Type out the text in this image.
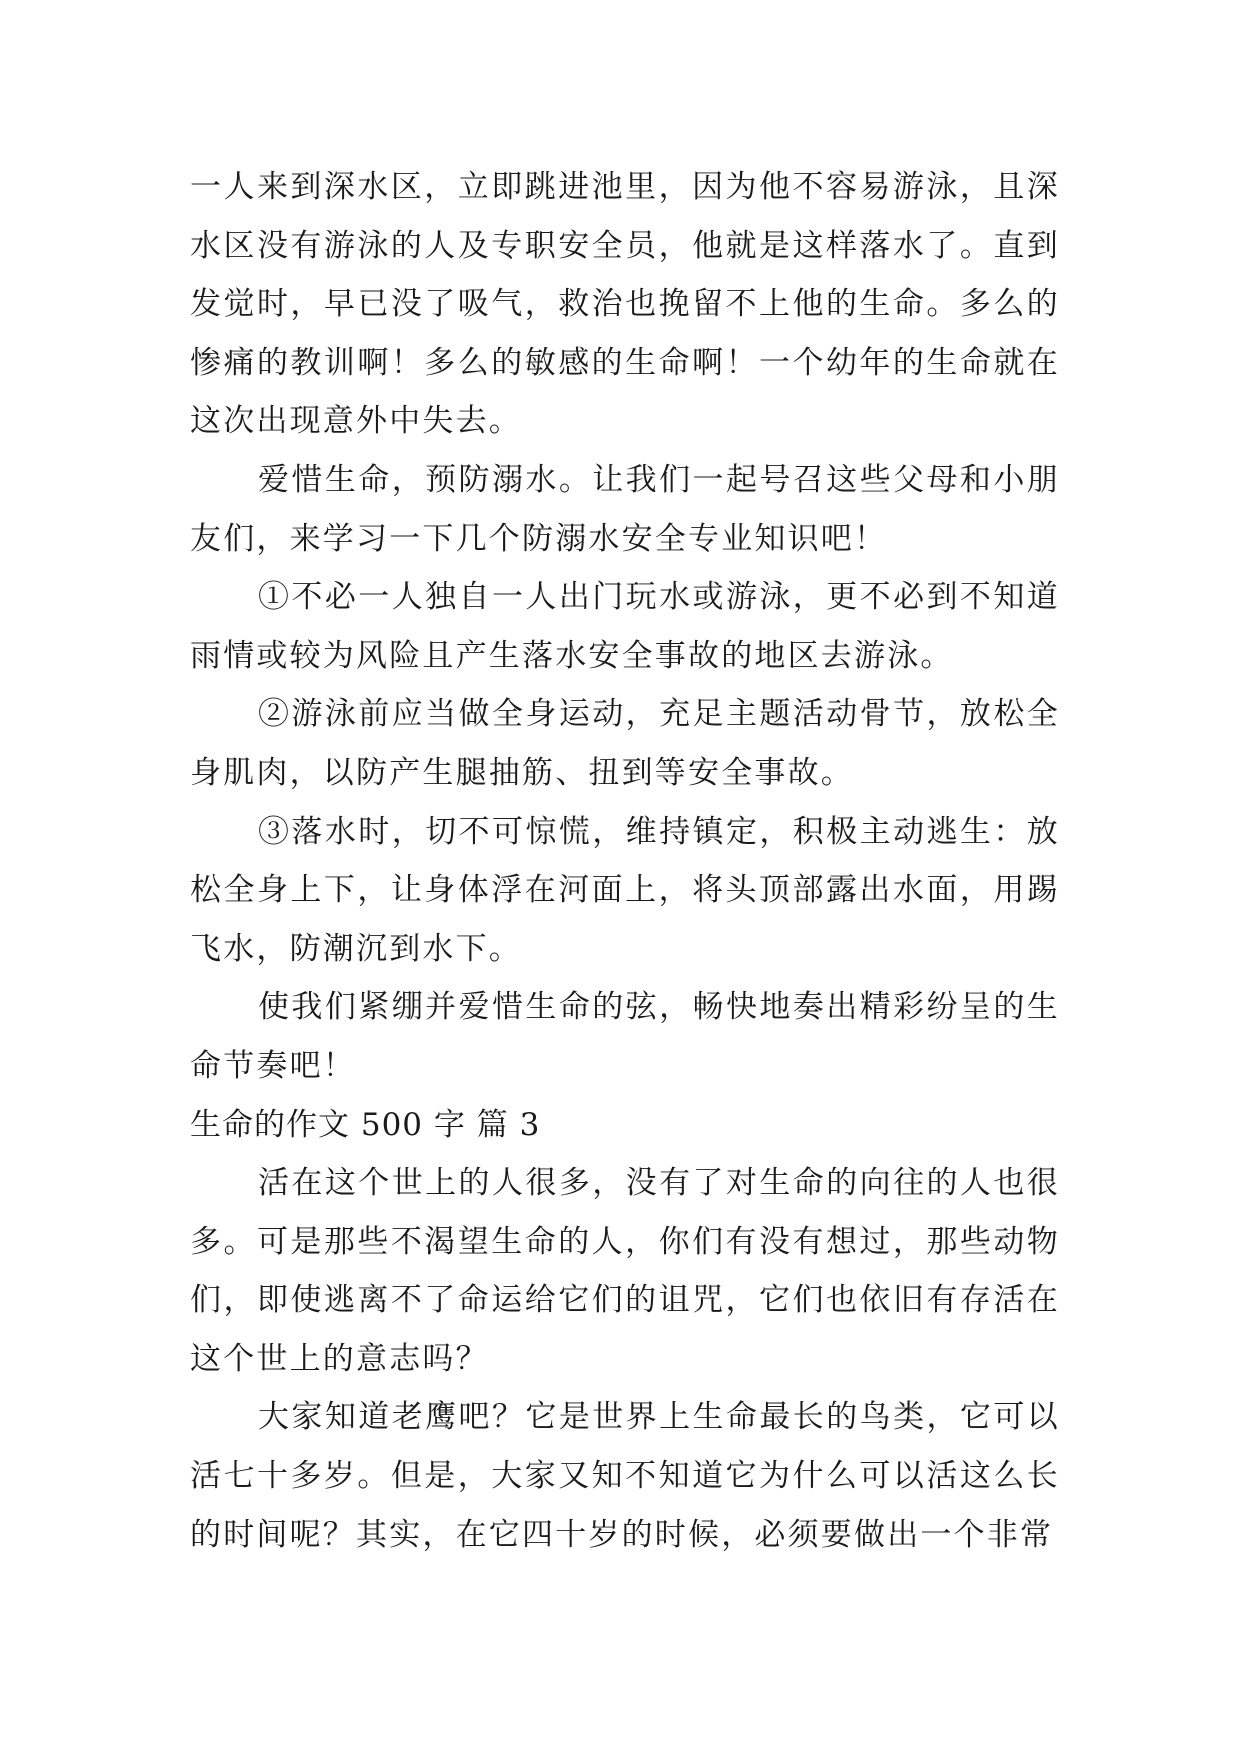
一人来到深水区，立即跳进池里，因为他不容易游泳，且深水区没有游泳的人及专职安全员，他就是这样落水了。直到发觉时，早已没了吸气，救治也挽留不上他的生命。多么的惨痛的教训啊！多么的敏感的生命啊！一个幼年的生命就在这次出现意外中失去。

爱惜生命，预防溺水。让我们一起号召这些父母和小朋友们，来学习一下几个防溺水安全专业知识吧！

①不必一人独自一人出门玩水或游泳，更不必到不知道雨情或较为风险且产生落水安全事故的地区去游泳。

②游泳前应当做全身运动，充足主题活动骨节，放松全身肌肉，以防产生腿抽筋、扭到等安全事故。

③落水时，切不可惊慌，维持镇定，积极主动逃生：放松全身上下，让身体浮在河面上，将头顶部露出水面，用踢飞水，防潮沉到水下。

使我们紧绷并爱惜生命的弦，畅快地奏出精彩纷呈的生命节奏吧！

生命的作文 500 字 篇 3

活在这个世上的人很多，没有了对生命的向往的人也很多。可是那些不渴望生命的人，你们有没有想过，那些动物们，即使逃离不了命运给它们的诅咒，它们也依旧有存活在这个世上的意志吗？

大家知道老鹰吧？它是世界上生命最长的鸟类，它可以活七十多岁。但是，大家又知不知道它为什么可以活这么长的时间呢？其实，在它四十岁的时候，必须要做出一个非常
